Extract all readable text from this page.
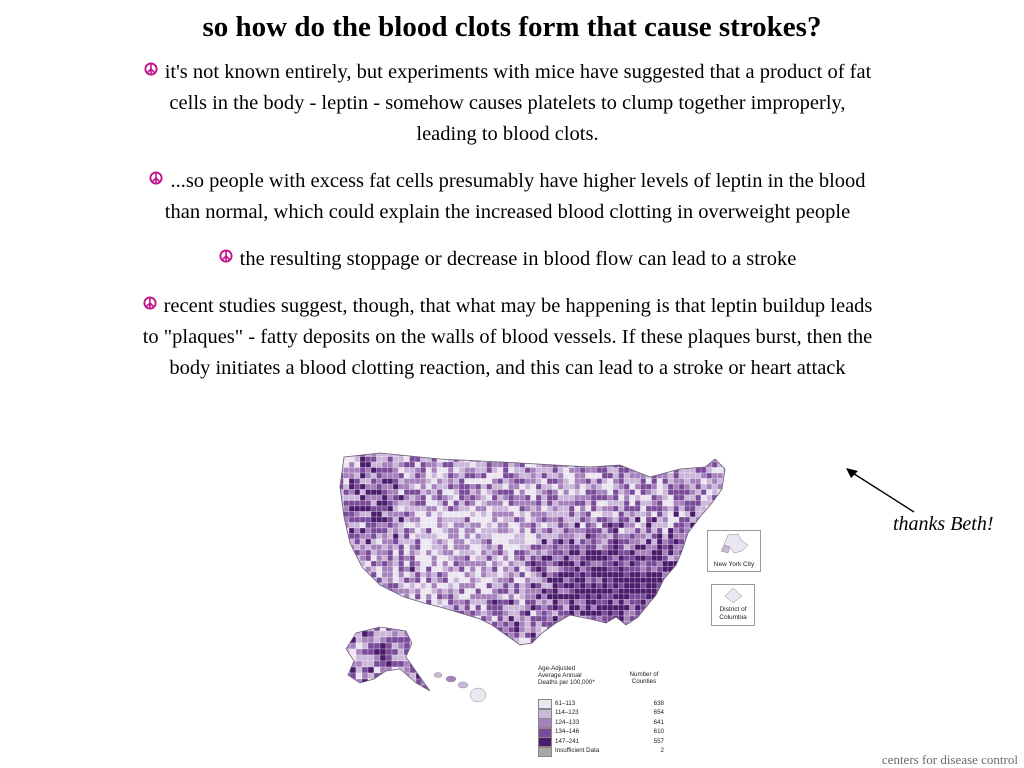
so how do the blood clots form that cause strokes?
it's not known entirely, but experiments with mice have suggested that a product of fat cells in the body - leptin - somehow causes platelets to clump together improperly, leading to blood clots.
...so people with excess fat cells presumably have higher levels of leptin in the blood than normal, which could explain the increased blood clotting in overweight people
the resulting stoppage or decrease in blood flow can lead to a stroke
recent studies suggest, though, that what may be happening is that leptin buildup leads to "plaques" - fatty deposits on the walls of blood vessels. If these plaques burst, then the body initiates a blood clotting reaction, and this can lead to a stroke or heart attack
New York City
District of
Columbia
Age-Adjusted
Average Annual
Deaths per 100,000*
Number of
Counties
61–113	638
114–123	654
124–133	641
134–146	610
147–241	557
Insufficient Data	2
thanks Beth!
centers for disease control
